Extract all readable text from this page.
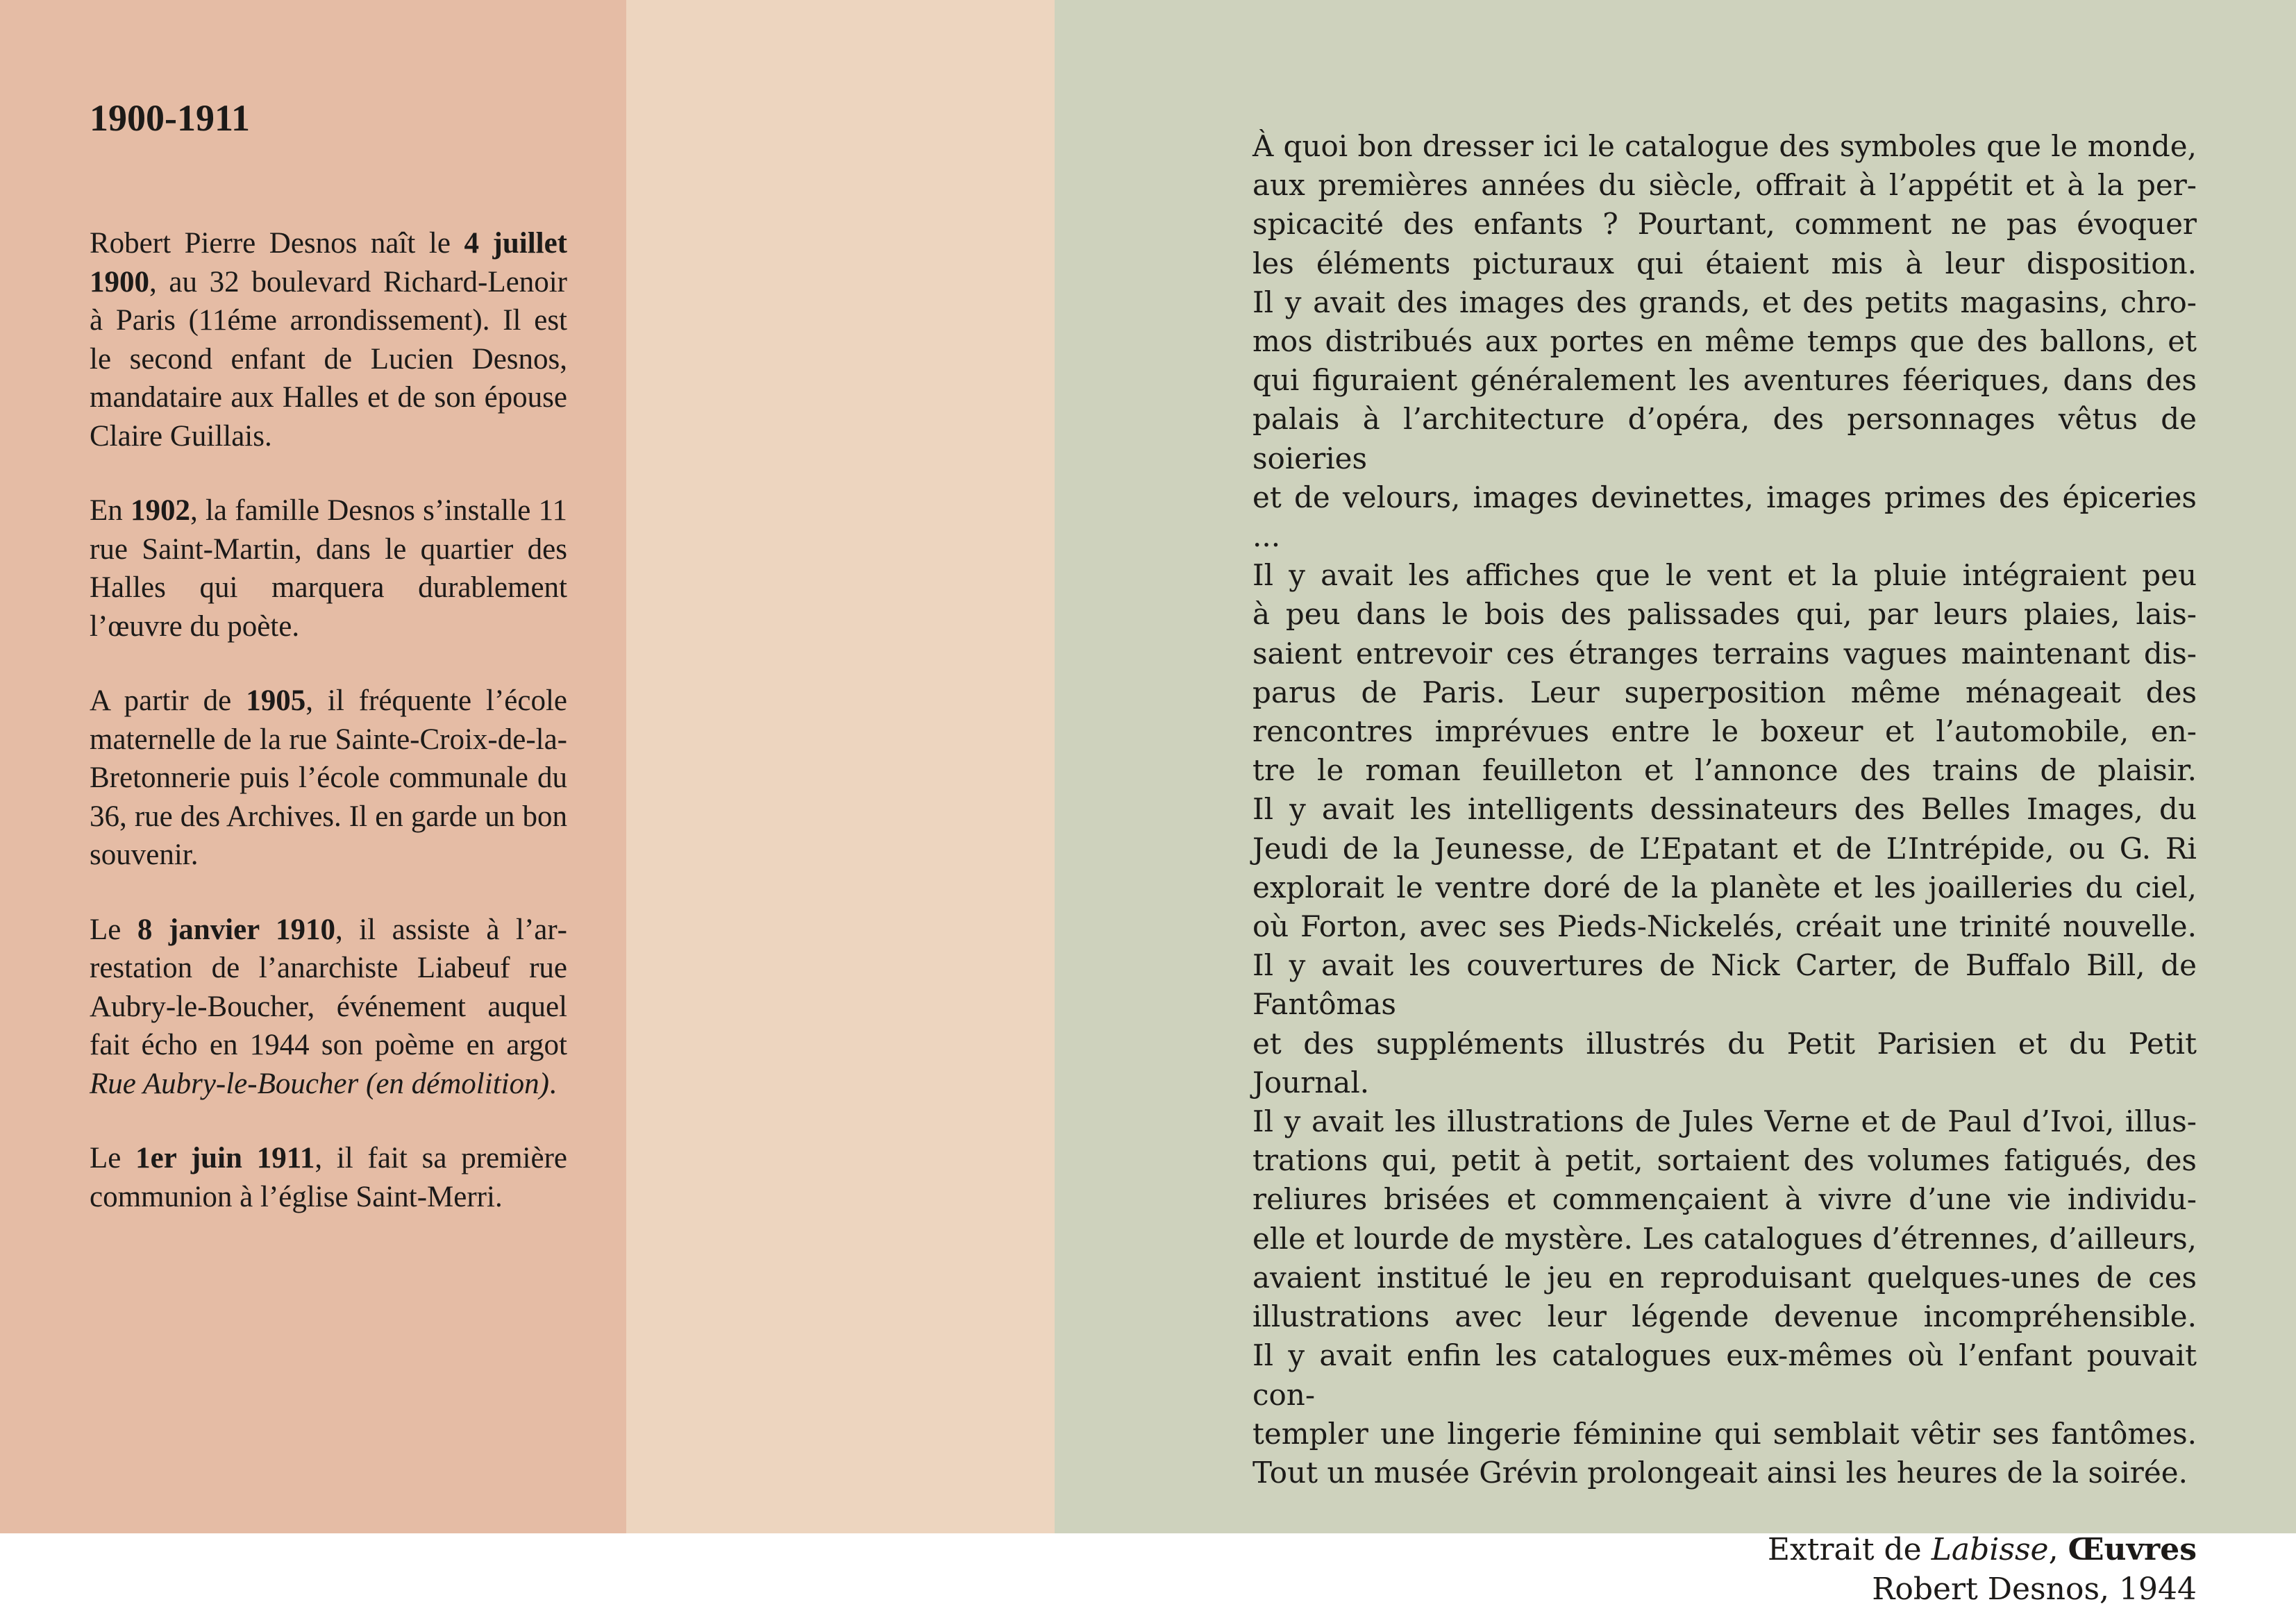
1900-1911

Robert Pierre Desnos naît le 4 juillet 1900, au 32 boulevard Richard-Lenoir à Paris (11éme arrondissement). Il est le second enfant de Lucien Desnos, mandataire aux Halles et de son épouse Claire Guillais.

En 1902, la famille Desnos s’installe 11 rue Saint-Martin, dans le quartier des Halles qui marquera durablement l’œuvre du poète.

A partir de 1905, il fréquente l’école maternelle de la rue Sainte-Croix-de-la-Bretonnerie puis l’école communale du 36, rue des Archives. Il en garde un bon souvenir.

Le 8 janvier 1910, il assiste à l’arrestation de l’anarchiste Liabeuf rue Aubry-le-Boucher, événement auquel fait écho en 1944 son poème en argot Rue Aubry-le-Boucher (en démolition).

Le 1er juin 1911, il fait sa première communion à l’église Saint-Merri.

À quoi bon dresser ici le catalogue des symboles que le monde,
aux premières années du siècle, offrait à l’appétit et à la per-
spicacité des enfants ? Pourtant, comment ne pas évoquer
les éléments picturaux qui étaient mis à leur disposition.
Il y avait des images des grands, et des petits magasins, chro-
mos distribués aux portes en même temps que des ballons, et
qui figuraient généralement les aventures féeriques, dans des
palais à l’architecture d’opéra, des personnages vêtus de soieries
et de velours, images devinettes, images primes des épiceries ...
Il y avait les affiches que le vent et la pluie intégraient peu
à peu dans le bois des palissades qui, par leurs plaies, lais-
saient entrevoir ces étranges terrains vagues maintenant dis-
parus de Paris. Leur superposition même ménageait des
rencontres imprévues entre le boxeur et l’automobile, en-
tre le roman feuilleton et l’annonce des trains de plaisir.
Il y avait les intelligents dessinateurs des Belles Images, du
Jeudi de la Jeunesse, de L’Epatant et de L’Intrépide, ou G. Ri
explorait le ventre doré de la planète et les joailleries du ciel,
où Forton, avec ses Pieds-Nickelés, créait une trinité nouvelle.
Il y avait les couvertures de Nick Carter, de Buffalo Bill, de Fantômas
et des suppléments illustrés du Petit Parisien et du Petit Journal.
Il y avait les illustrations de Jules Verne et de Paul d’Ivoi, illus-
trations qui, petit à petit, sortaient des volumes fatigués, des
reliures brisées et commençaient à vivre d’une vie individu-
elle et lourde de mystère. Les catalogues d’étrennes, d’ailleurs,
avaient institué le jeu en reproduisant quelques-unes de ces
illustrations avec leur légende devenue incompréhensible.
Il y avait enfin les catalogues eux-mêmes où l’enfant pouvait con-
templer une lingerie féminine qui semblait vêtir ses fantômes.
Tout un musée Grévin prolongeait ainsi les heures de la soirée.

Extrait de Labisse, Œuvres
Robert Desnos, 1944
